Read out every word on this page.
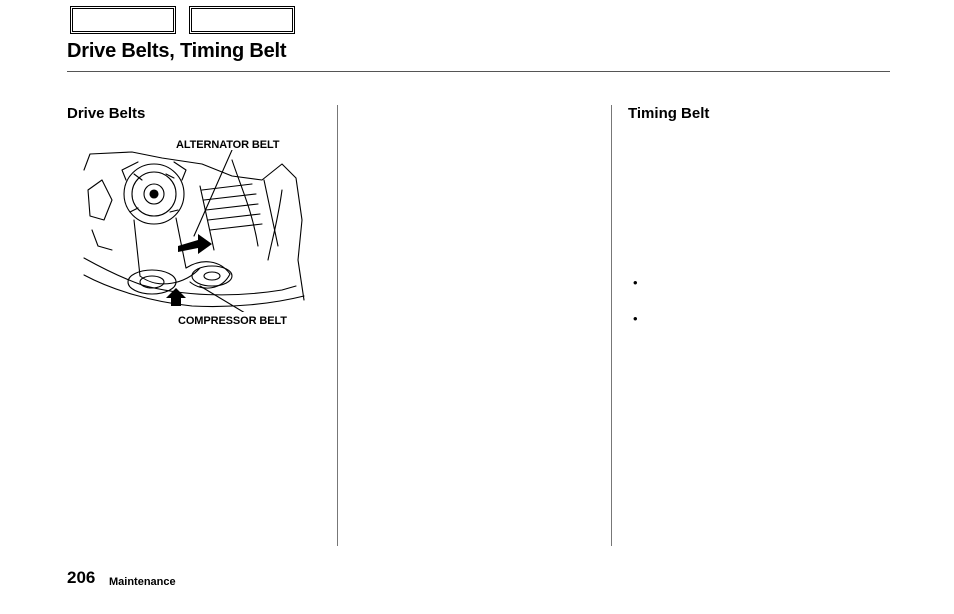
Drive Belts, Timing Belt
Drive Belts
ALTERNATOR BELT
COMPRESSOR BELT
Timing Belt
•
•
206 Maintenance
